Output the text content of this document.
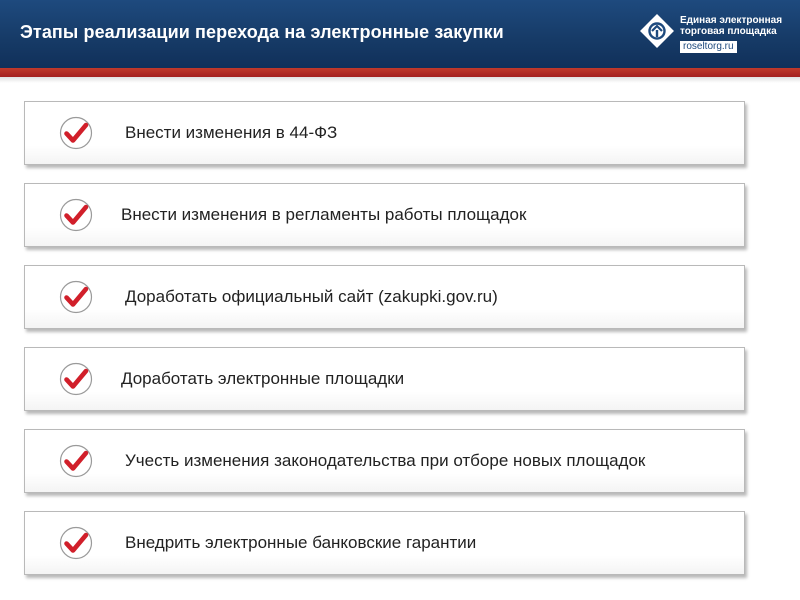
Этапы реализации перехода на электронные закупки
Единая электронная
торговая площадка
roseltorg.ru
Внести изменения в 44-ФЗ
Внести изменения в регламенты работы площадок
Доработать официальный сайт (zakupki.gov.ru)
Доработать электронные площадки
Учесть изменения законодательства при отборе новых площадок
Внедрить электронные банковские гарантии
